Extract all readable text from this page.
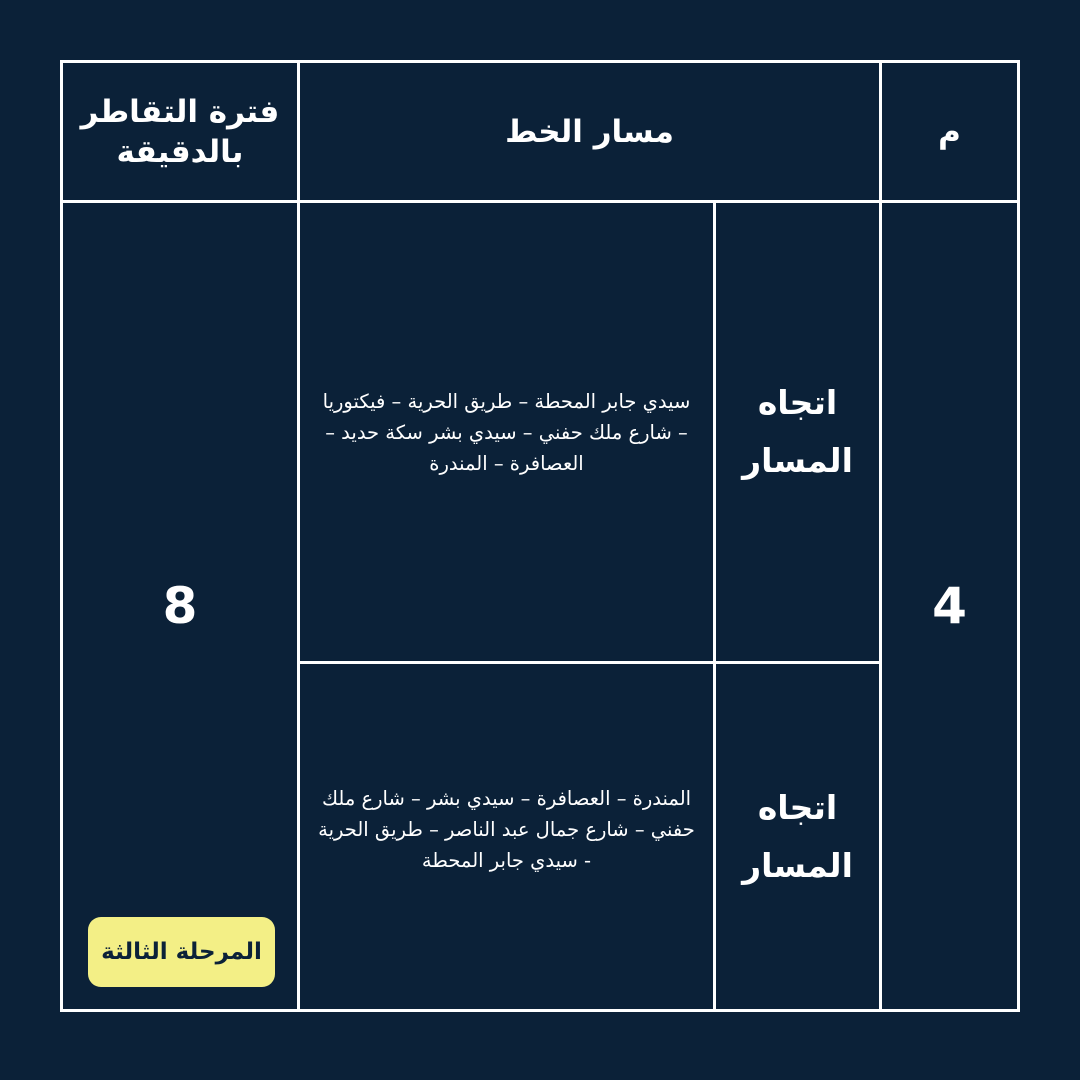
م
مسار الخط
فترة التقاطر بالدقيقة
4
8
اتجاه المسار
سيدي جابر المحطة – طريق الحرية – فيكتوريا – شارع ملك حفني – سيدي بشر سكة حديد – العصافرة – المندرة
اتجاه المسار
المندرة – العصافرة – سيدي بشر – شارع ملك حفني – شارع جمال عبد الناصر – طريق الحرية - سيدي جابر المحطة
المرحلة الثالثة
